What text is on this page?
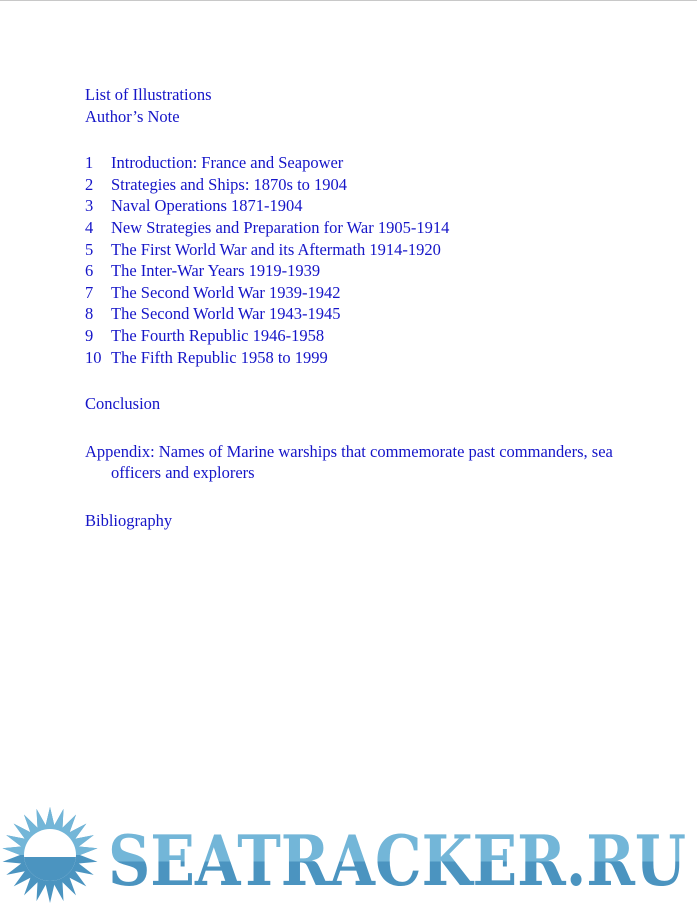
List of Illustrations
Author’s Note
1	Introduction: France and Seapower
2	Strategies and Ships: 1870s to 1904
3	Naval Operations 1871-1904
4	New Strategies and Preparation for War 1905-1914
5	The First World War and its Aftermath 1914-1920
6	The Inter-War Years 1919-1939
7	The Second World War 1939-1942
8	The Second World War 1943-1945
9	The Fourth Republic 1946-1958
10 The Fifth Republic 1958 to 1999
Conclusion
Appendix: Names of Marine warships that commemorate past commanders, sea officers and explorers
Bibliography
SEATRACKER.RU
